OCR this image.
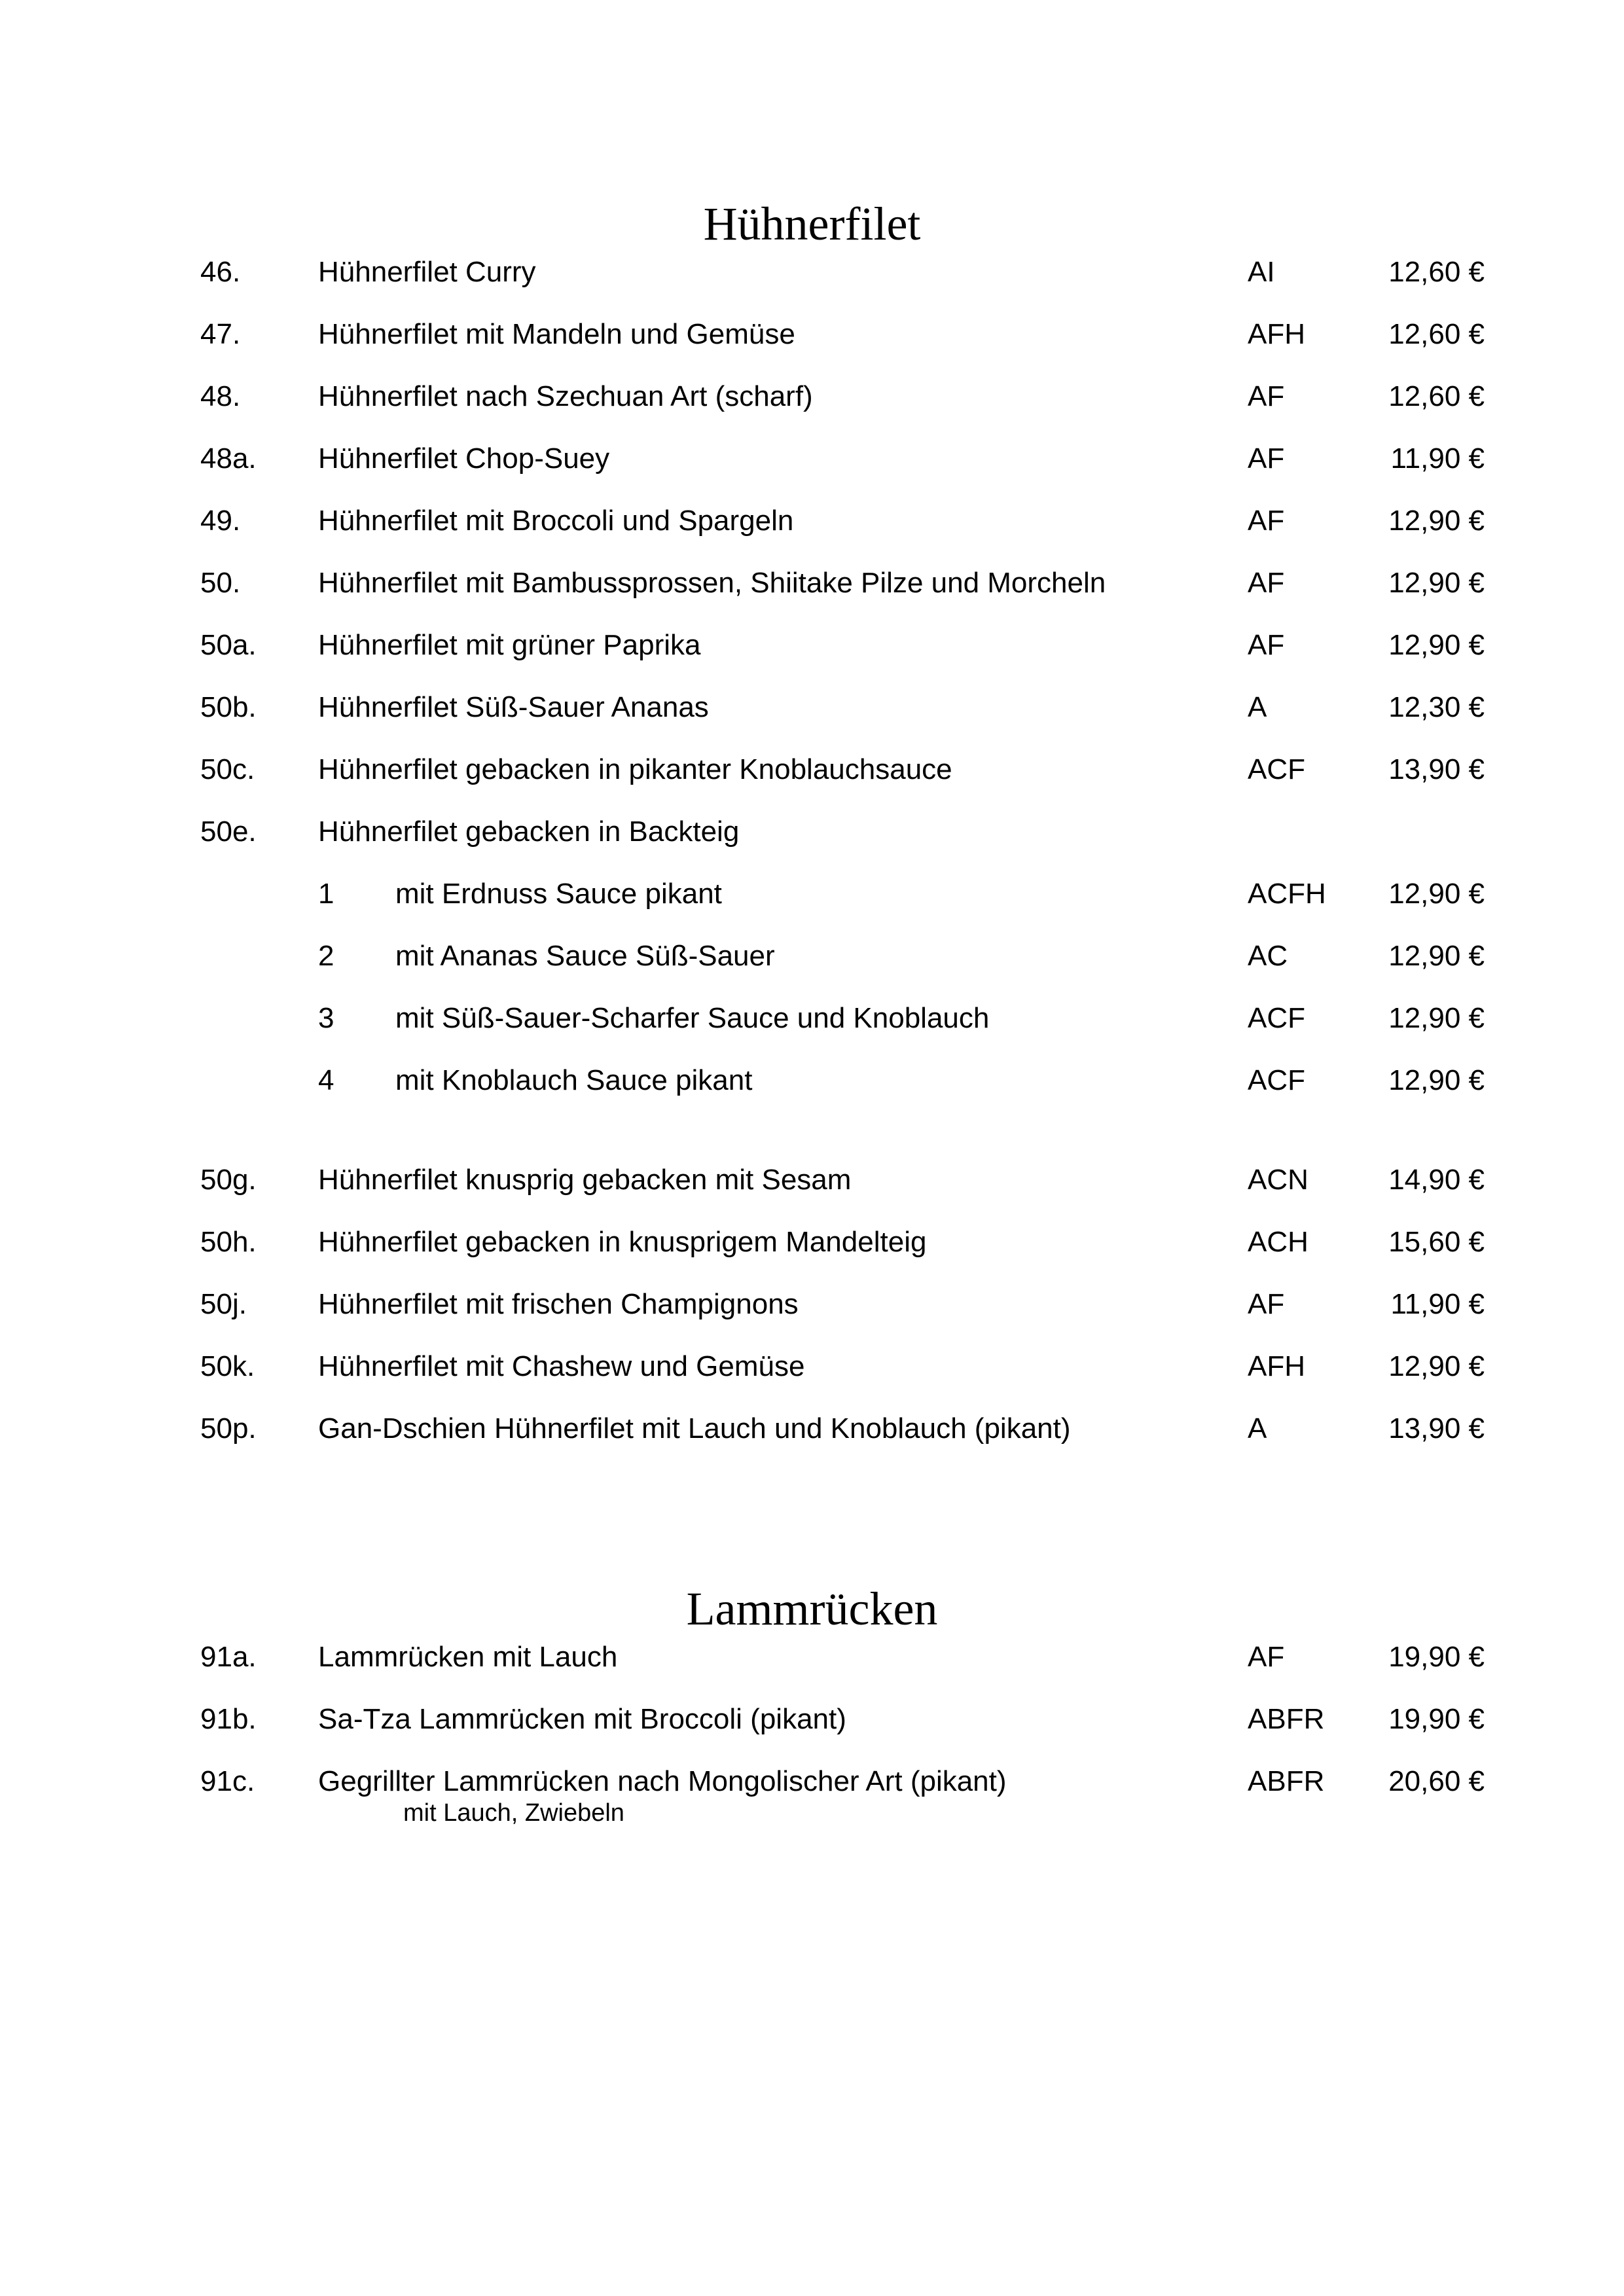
Hühnerfilet
46.	Hühnerfilet Curry	AI	12,60 €
47.	Hühnerfilet mit Mandeln und Gemüse	AFH	12,60 €
48.	Hühnerfilet nach Szechuan Art (scharf)	AF	12,60 €
48a. Hühnerfilet Chop-Suey	AF	11,90 €
49.	Hühnerfilet mit Broccoli und Spargeln	AF	12,90 €
50.	Hühnerfilet mit Bambussprossen, Shiitake Pilze und Morcheln	AF	12,90 €
50a. Hühnerfilet mit grüner Paprika	AF	12,90 €
50b. Hühnerfilet Süß-Sauer Ananas	A	12,30 €
50c. Hühnerfilet gebacken in pikanter Knoblauchsauce	ACF	13,90 €
50e. Hühnerfilet gebacken in Backteig
1 mit Erdnuss Sauce pikant	ACFH 12,90 €
2 mit Ananas Sauce Süß-Sauer	AC	12,90 €
3 mit Süß-Sauer-Scharfer Sauce und Knoblauch	ACF	12,90 €
4 mit Knoblauch Sauce pikant	ACF	12,90 €
50g. Hühnerfilet knusprig gebacken mit Sesam	ACN	14,90 €
50h. Hühnerfilet gebacken in knusprigem Mandelteig	ACH	15,60 €
50j. Hühnerfilet mit frischen Champignons	AF	11,90 €
50k. Hühnerfilet mit Chashew und Gemüse	AFH	12,90 €
50p. Gan-Dschien Hühnerfilet mit Lauch und Knoblauch (pikant)	A	13,90 €
Lammrücken
91a. Lammrücken mit Lauch	AF	19,90 €
91b. Sa-Tza Lammrücken mit Broccoli (pikant)	ABFR 19,90 €
91c. Gegrillter Lammrücken nach Mongolischer Art (pikant)	ABFR 20,60 €
mit Lauch, Zwiebeln
